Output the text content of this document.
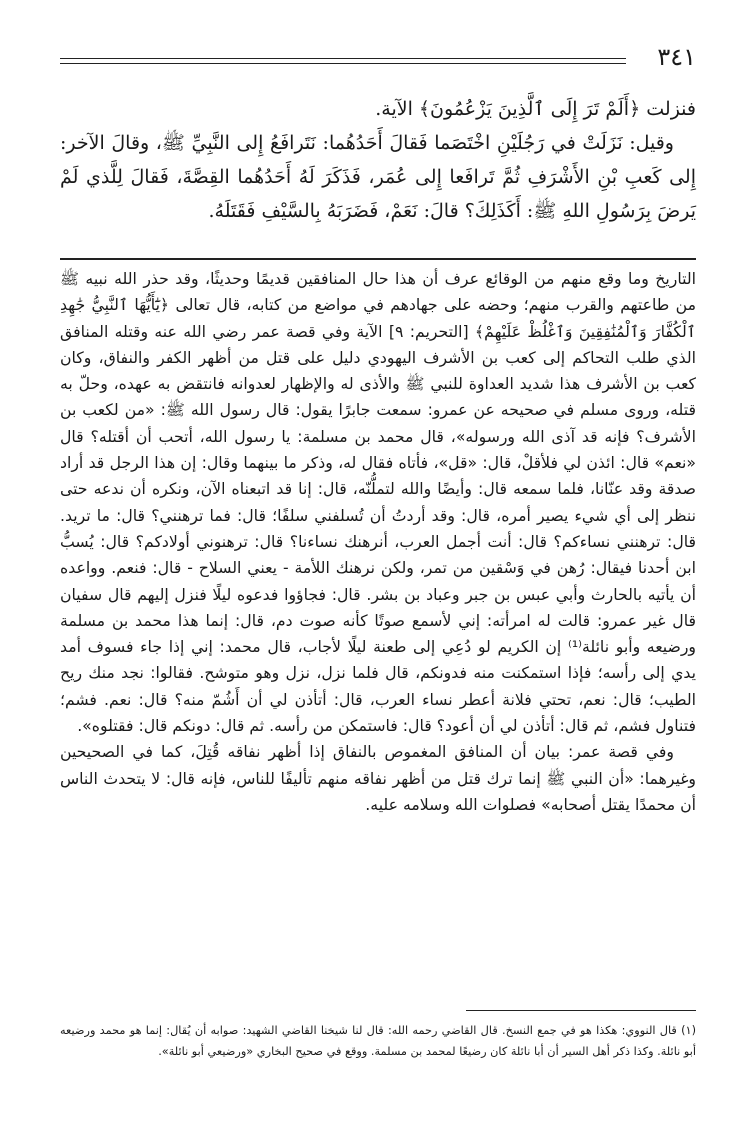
٣٤١

فنزلت ﴿أَلَمْ تَرَ إِلَى ٱلَّذِينَ يَزْعُمُونَ﴾ الآية.

وقيل: نَزَلَتْ في رَجُلَيْنِ اخْتَصَما فَقالَ أَحَدُهُما: نَتَرافَعُ إِلى النَّبِيِّ ﷺ، وقالَ الآخر: إِلى كَعبِ بْنِ الأَشْرَفِ ثُمَّ تَرافَعا إِلى عُمَر، فَذَكَرَ لَهُ أَحَدُهُما القِصَّةَ، فَقالَ لِلَّذي لَمْ يَرضَ بِرَسُولِ اللهِ ﷺ: أَكَذَلِكَ؟ قالَ: نَعَمْ، فَضَرَبَهُ بِالسَّيْفِ فَقَتَلَهُ.

التاريخ وما وقع منهم من الوقائع عرف أن هذا حال المنافقين قديمًا وحديثًا، وقد حذر الله نبيه ﷺ من طاعتهم والقرب منهم؛ وحضه على جهادهم في مواضع من كتابه، قال تعالى ﴿يَٰٓأَيُّهَا ٱلنَّبِيُّ جَٰهِدِ ٱلْكُفَّارَ وَٱلْمُنَٰفِقِينَ وَٱغْلُظْ عَلَيْهِمْ﴾ [التحريم: ٩] الآية وفي قصة عمر رضي الله عنه وقتله المنافق الذي طلب التحاكم إلى كعب بن الأشرف اليهودي دليل على قتل من أظهر الكفر والنفاق، وكان كعب بن الأشرف هذا شديد العداوة للنبي ﷺ والأذى له والإظهار لعدوانه فانتقض به عهده، وحلّ به قتله، وروى مسلم في صحيحه عن عمرو: سمعت جابرًا يقول: قال رسول الله ﷺ: «من لكعب بن الأشرف؟ فإنه قد آذى الله ورسوله»، قال محمد بن مسلمة: يا رسول الله، أتحب أن أقتله؟ قال «نعم» قال: ائذن لي فلأقلْ، قال: «قل»، فأتاه فقال له، وذكر ما بينهما وقال: إن هذا الرجل قد أراد صدقة وقد عنّانا، فلما سمعه قال: وأيضًا والله لتملُّنّه، قال: إنا قد اتبعناه الآن، ونكره أن ندعه حتى ننظر إلى أي شيء يصير أمره، قال: وقد أردتُ أن تُسلفني سلفًا؛ قال: فما ترهنني؟ قال: ما تريد. قال: ترهنني نساءكم؟ قال: أنت أجمل العرب، أنرهنك نساءنا؟ قال: ترهنوني أولادكم؟ قال: يُسبُّ ابن أحدنا فيقال: رُهن في وَسْقين من تمر، ولكن نرهنك اللأمة - يعني السلاح - قال: فنعم. وواعده أن يأتيه بالحارث وأبي عبس بن جبر وعباد بن بشر. قال: فجاؤوا فدعوه ليلًا فنزل إليهم قال سفيان قال غير عمرو: قالت له امرأته: إني لأسمع صوتًا كأنه صوت دم، قال: إنما هذا محمد بن مسلمة ورضيعه وأبو نائلة⁽¹⁾ إن الكريم لو دُعِي إلى طعنة ليلًا لأجاب، قال محمد: إني إذا جاء فسوف أمد يدي إلى رأسه؛ فإذا استمكنت منه فدونكم، قال فلما نزل، نزل وهو متوشح. فقالوا: نجد منك ريح الطيب؛ قال: نعم، تحتي فلانة أعطر نساء العرب، قال: أتأذن لي أن أَشُمّ منه؟ قال: نعم. فشم؛ فتناول فشم، ثم قال: أتأذن لي أن أعود؟ قال: فاستمكن من رأسه. ثم قال: دونكم قال: فقتلوه».

وفي قصة عمر: بيان أن المنافق المغموص بالنفاق إذا أظهر نفاقه قُتِلَ، كما في الصحيحين وغيرهما: «أن النبي ﷺ إنما ترك قتل من أظهر نفاقه منهم تأليفًا للناس، فإنه قال: لا يتحدث الناس أن محمدًا يقتل أصحابه» فصلوات الله وسلامه عليه.

(١) قال النووي: هكذا هو في جمع النسخ. قال القاضي رحمه الله: قال لنا شيخنا القاضي الشهيد: صوابه أن يُقال: إنما هو محمد ورضيعه أبو نائلة. وكذا ذكر أهل السير أن أبا نائلة كان رضيعًا لمحمد بن مسلمة. ووقع في صحيح البخاري «ورضيعي أبو نائلة».
